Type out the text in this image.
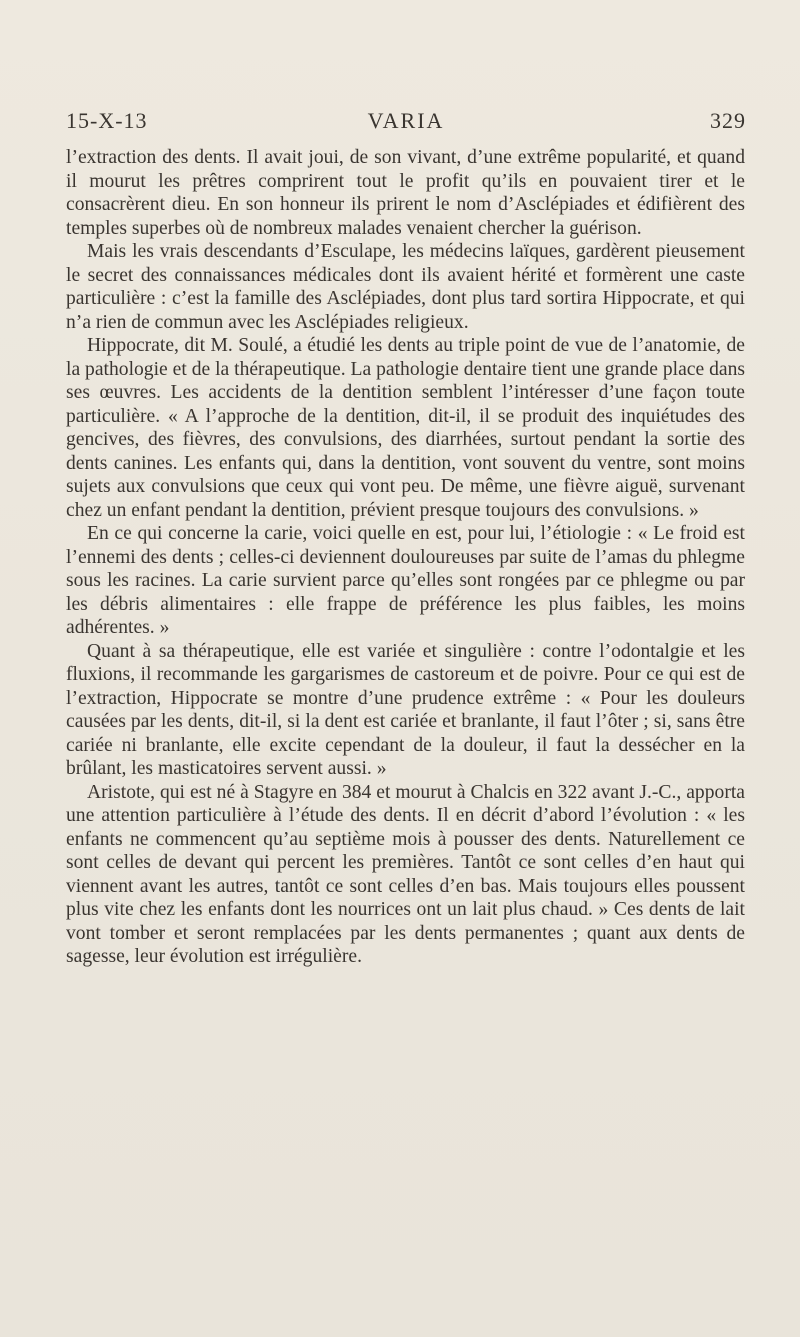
15-X-13	VARIA	329

l’extraction des dents. Il avait joui, de son vivant, d’une extrême popularité, et quand il mourut les prêtres comprirent tout le profit qu’ils en pouvaient tirer et le consacrèrent dieu. En son honneur ils prirent le nom d’Asclépiades et édifièrent des temples superbes où de nombreux malades venaient chercher la guérison.

Mais les vrais descendants d’Esculape, les médecins laïques, gardèrent pieusement le secret des connaissances médicales dont ils avaient hérité et formèrent une caste particulière : c’est la famille des Asclépiades, dont plus tard sortira Hippocrate, et qui n’a rien de commun avec les Asclépiades religieux.

Hippocrate, dit M. Soulé, a étudié les dents au triple point de vue de l’anatomie, de la pathologie et de la thérapeutique. La pathologie dentaire tient une grande place dans ses œuvres. Les accidents de la dentition semblent l’intéresser d’une façon toute particulière. « A l’approche de la dentition, dit-il, il se produit des inquiétudes des gencives, des fièvres, des convulsions, des diarrhées, surtout pendant la sortie des dents canines. Les enfants qui, dans la dentition, vont souvent du ventre, sont moins sujets aux convulsions que ceux qui vont peu. De même, une fièvre aiguë, survenant chez un enfant pendant la dentition, prévient presque toujours des convulsions. »

En ce qui concerne la carie, voici quelle en est, pour lui, l’étiologie : « Le froid est l’ennemi des dents ; celles-ci deviennent douloureuses par suite de l’amas du phlegme sous les racines. La carie survient parce qu’elles sont rongées par ce phlegme ou par les débris alimentaires : elle frappe de préférence les plus faibles, les moins adhérentes. »

Quant à sa thérapeutique, elle est variée et singulière : contre l’odontalgie et les fluxions, il recommande les gargarismes de castoreum et de poivre. Pour ce qui est de l’extraction, Hippocrate se montre d’une prudence extrême : « Pour les douleurs causées par les dents, dit-il, si la dent est cariée et branlante, il faut l’ôter ; si, sans être cariée ni branlante, elle excite cependant de la douleur, il faut la dessécher en la brûlant, les masticatoires servent aussi. »

Aristote, qui est né à Stagyre en 384 et mourut à Chalcis en 322 avant J.-C., apporta une attention particulière à l’étude des dents. Il en décrit d’abord l’évolution : « les enfants ne commencent qu’au septième mois à pousser des dents. Naturellement ce sont celles de devant qui percent les premières. Tantôt ce sont celles d’en haut qui viennent avant les autres, tantôt ce sont celles d’en bas. Mais toujours elles poussent plus vite chez les enfants dont les nourrices ont un lait plus chaud. » Ces dents de lait vont tomber et seront remplacées par les dents permanentes ; quant aux dents de sagesse, leur évolution est irrégulière.
